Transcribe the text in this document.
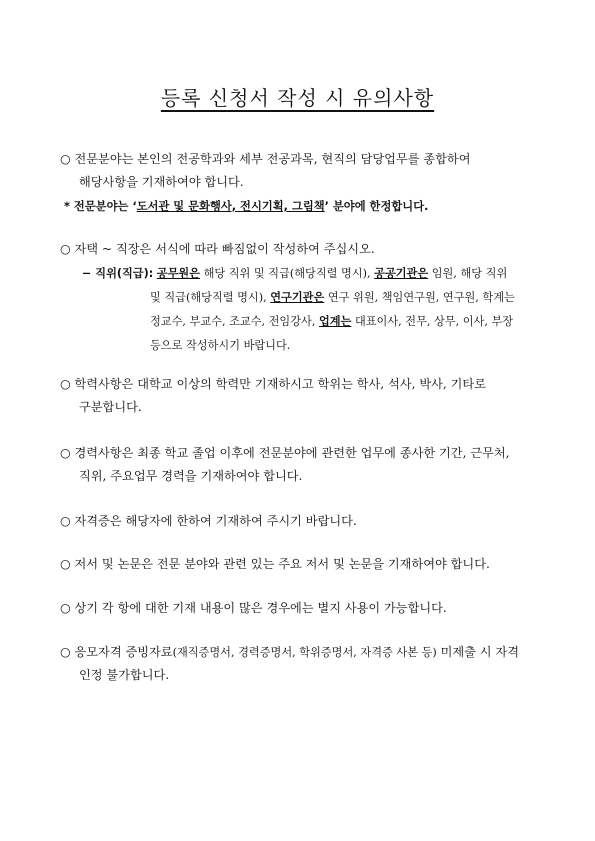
등록 신청서 작성 시 유의사항
○ 전문분야는 본인의 전공학과와 세부 전공과목, 현직의 담당업무를 종합하여
해당사항을 기재하여야 합니다.
* 전문분야는 ‘도서관 및 문화행사, 전시기획, 그림책’ 분야에 한정합니다.
○ 자택 ~ 직장은 서식에 따라 빠짐없이 작성하여 주십시오.
− 직위(직급): 공무원은 해당 직위 및 직급(해당직렬 명시), 공공기관은 임원, 해당 직위
및 직급(해당직렬 명시), 연구기관은 연구 위원, 책임연구원, 연구원, 학계는
정교수, 부교수, 조교수, 전임강사, 업계는 대표이사, 전무, 상무, 이사, 부장
등으로 작성하시기 바랍니다.
○ 학력사항은 대학교 이상의 학력만 기재하시고 학위는 학사, 석사, 박사, 기타로
구분합니다.
○ 경력사항은 최종 학교 졸업 이후에 전문분야에 관련한 업무에 종사한 기간, 근무처,
직위, 주요업무 경력을 기재하여야 합니다.
○ 자격증은 해당자에 한하여 기재하여 주시기 바랍니다.
○ 저서 및 논문은 전문 분야와 관련 있는 주요 저서 및 논문을 기재하여야 합니다.
○ 상기 각 항에 대한 기재 내용이 많은 경우에는 별지 사용이 가능합니다.
○ 응모자격 증빙자료(재직증명서, 경력증명서, 학위증명서, 자격증 사본 등) 미제출 시 자격
인정 불가합니다.
